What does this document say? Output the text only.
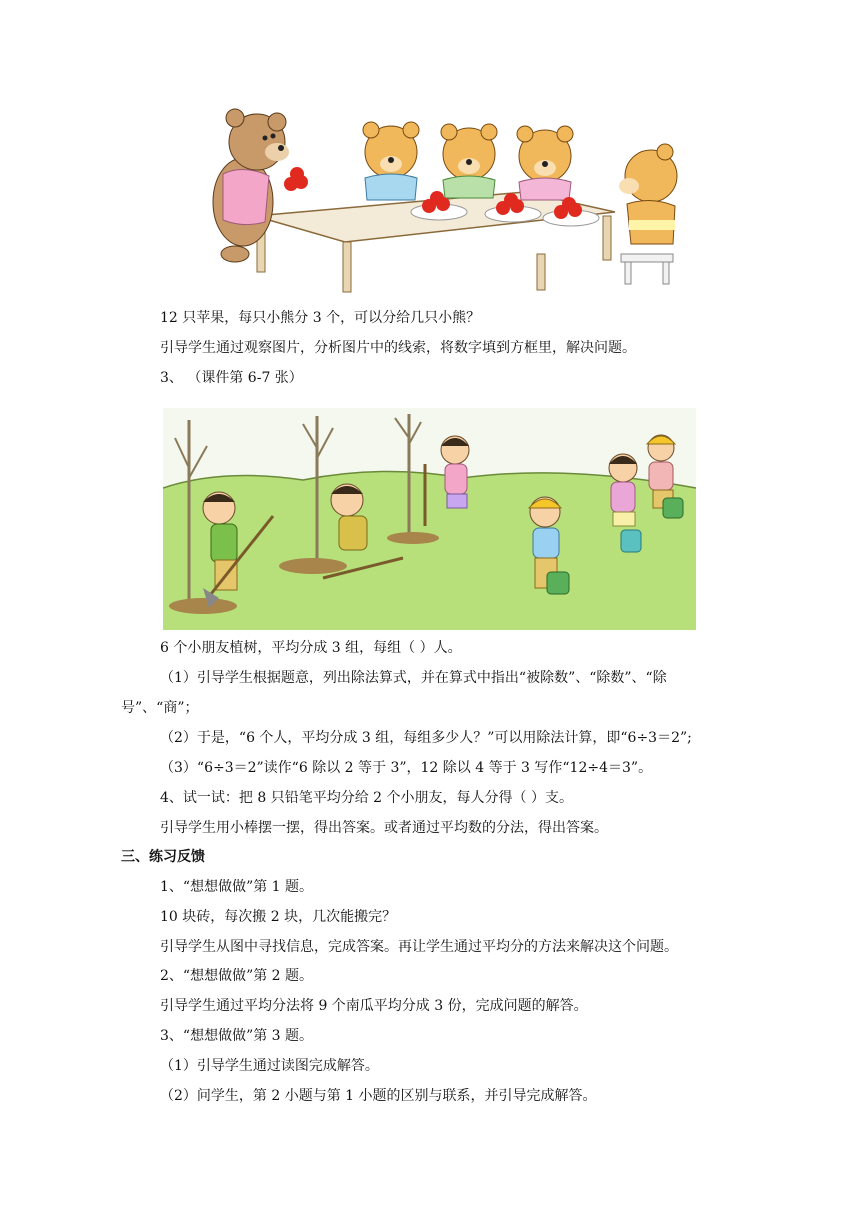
12 只苹果，每只小熊分 3 个，可以分给几只小熊？
引导学生通过观察图片，分析图片中的线索，将数字填到方框里，解决问题。
3、 （课件第 6-7 张）
6 个小朋友植树，平均分成 3 组，每组（ ）人。
（1）引导学生根据题意，列出除法算式，并在算式中指出“被除数”、“除数”、“除
号”、“商”；
（2）于是，“6 个人，平均分成 3 组，每组多少人？”可以用除法计算，即“6÷3＝2”;
（3）“6÷3＝2”读作“6 除以 2 等于 3”，12 除以 4 等于 3 写作“12÷4＝3”。
4、试一试：把 8 只铅笔平均分给 2 个小朋友，每人分得（ ）支。
引导学生用小棒摆一摆，得出答案。或者通过平均数的分法，得出答案。
三、练习反馈
1、“想想做做”第 1 题。
10 块砖，每次搬 2 块，几次能搬完？
引导学生从图中寻找信息，完成答案。再让学生通过平均分的方法来解决这个问题。
2、“想想做做”第 2 题。
引导学生通过平均分法将 9 个南瓜平均分成 3 份，完成问题的解答。
3、“想想做做”第 3 题。
（1）引导学生通过读图完成解答。
（2）问学生，第 2 小题与第 1 小题的区别与联系，并引导完成解答。
